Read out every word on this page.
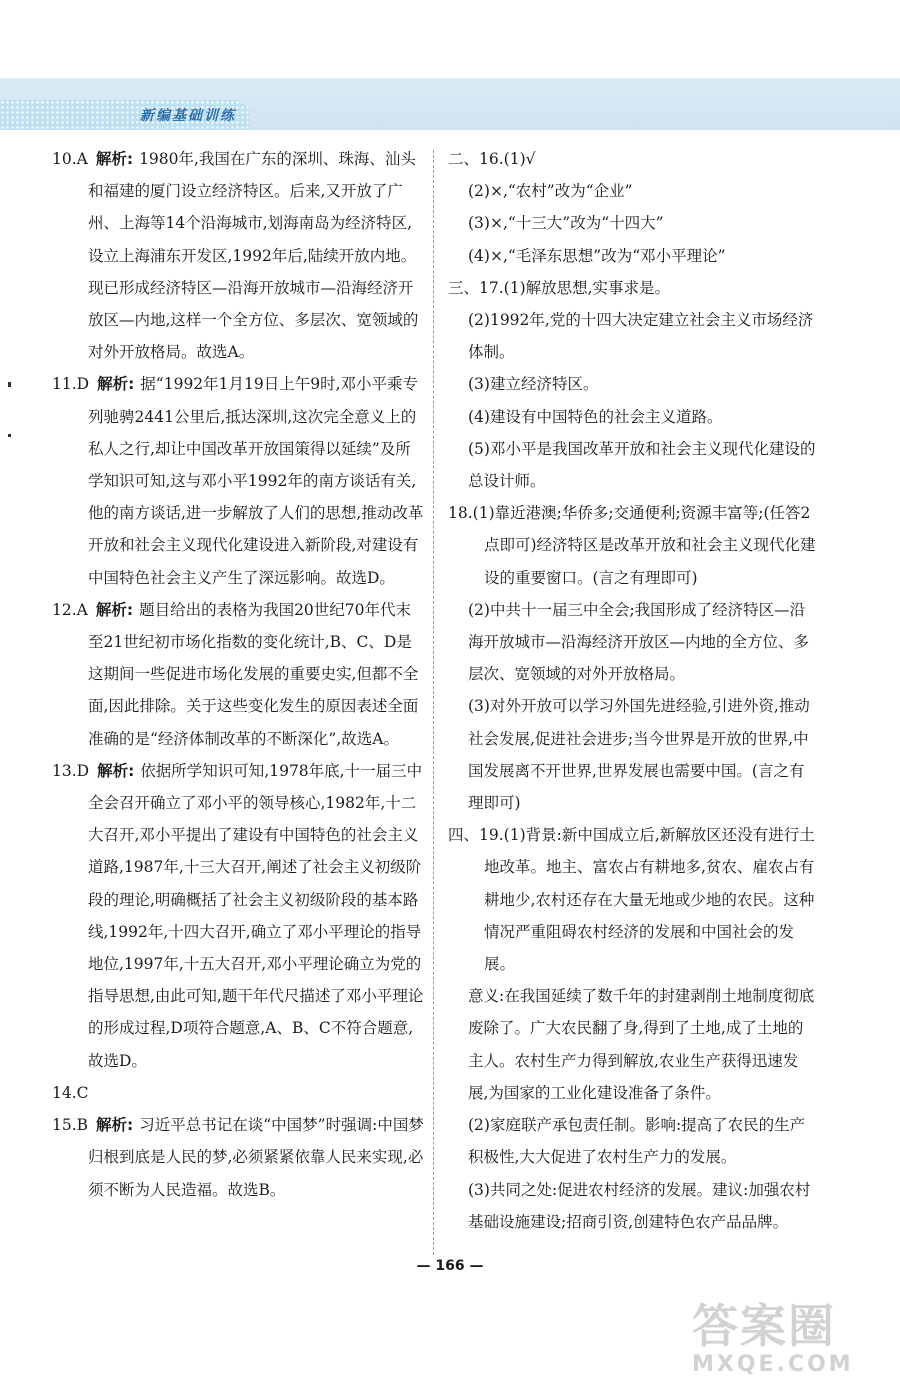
新编基础训练

10.A 解析: 1980年,我国在广东的深圳、珠海、汕头和福建的厦门设立经济特区。后来,又开放了广州、上海等14个沿海城市,划海南岛为经济特区,设立上海浦东开发区,1992年后,陆续开放内地。现已形成经济特区—沿海开放城市—沿海经济开放区—内地,这样一个全方位、多层次、宽领域的对外开放格局。故选A。

11.D 解析: 据“1992年1月19日上午9时,邓小平乘专列驰骋2441公里后,抵达深圳,这次完全意义上的私人之行,却让中国改革开放国策得以延续”及所学知识可知,这与邓小平1992年的南方谈话有关,他的南方谈话,进一步解放了人们的思想,推动改革开放和社会主义现代化建设进入新阶段,对建设有中国特色社会主义产生了深远影响。故选D。

12.A 解析: 题目给出的表格为我国20世纪70年代末至21世纪初市场化指数的变化统计,B、C、D是这期间一些促进市场化发展的重要史实,但都不全面,因此排除。关于这些变化发生的原因表述全面准确的是“经济体制改革的不断深化”,故选A。

13.D 解析: 依据所学知识可知,1978年底,十一届三中全会召开确立了邓小平的领导核心,1982年,十二大召开,邓小平提出了建设有中国特色的社会主义道路,1987年,十三大召开,阐述了社会主义初级阶段的理论,明确概括了社会主义初级阶段的基本路线,1992年,十四大召开,确立了邓小平理论的指导地位,1997年,十五大召开,邓小平理论确立为党的指导思想,由此可知,题干年代尺描述了邓小平理论的形成过程,D项符合题意,A、B、C不符合题意,故选D。

14.C

15.B 解析: 习近平总书记在谈“中国梦”时强调:中国梦归根到底是人民的梦,必须紧紧依靠人民来实现,必须不断为人民造福。故选B。

二、16.(1)√

(2)×,“农村”改为“企业”

(3)×,“十三大”改为“十四大”

(4)×,“毛泽东思想”改为“邓小平理论”

三、17.(1)解放思想,实事求是。

(2)1992年,党的十四大决定建立社会主义市场经济体制。

(3)建立经济特区。

(4)建设有中国特色的社会主义道路。

(5)邓小平是我国改革开放和社会主义现代化建设的总设计师。

18.(1)靠近港澳;华侨多;交通便利;资源丰富等;(任答2点即可)经济特区是改革开放和社会主义现代化建设的重要窗口。(言之有理即可)

(2)中共十一届三中全会;我国形成了经济特区—沿海开放城市—沿海经济开放区—内地的全方位、多层次、宽领域的对外开放格局。

(3)对外开放可以学习外国先进经验,引进外资,推动社会发展,促进社会进步;当今世界是开放的世界,中国发展离不开世界,世界发展也需要中国。(言之有理即可)

四、19.(1)背景:新中国成立后,新解放区还没有进行土地改革。地主、富农占有耕地多,贫农、雇农占有耕地少,农村还存在大量无地或少地的农民。这种情况严重阻碍农村经济的发展和中国社会的发展。

意义:在我国延续了数千年的封建剥削土地制度彻底废除了。广大农民翻了身,得到了土地,成了土地的主人。农村生产力得到解放,农业生产获得迅速发展,为国家的工业化建设准备了条件。

(2)家庭联产承包责任制。影响:提高了农民的生产积极性,大大促进了农村生产力的发展。

(3)共同之处:促进农村经济的发展。建议:加强农村基础设施建设;招商引资,创建特色农产品品牌。

— 166 —
答案圈
MXQE.COM
